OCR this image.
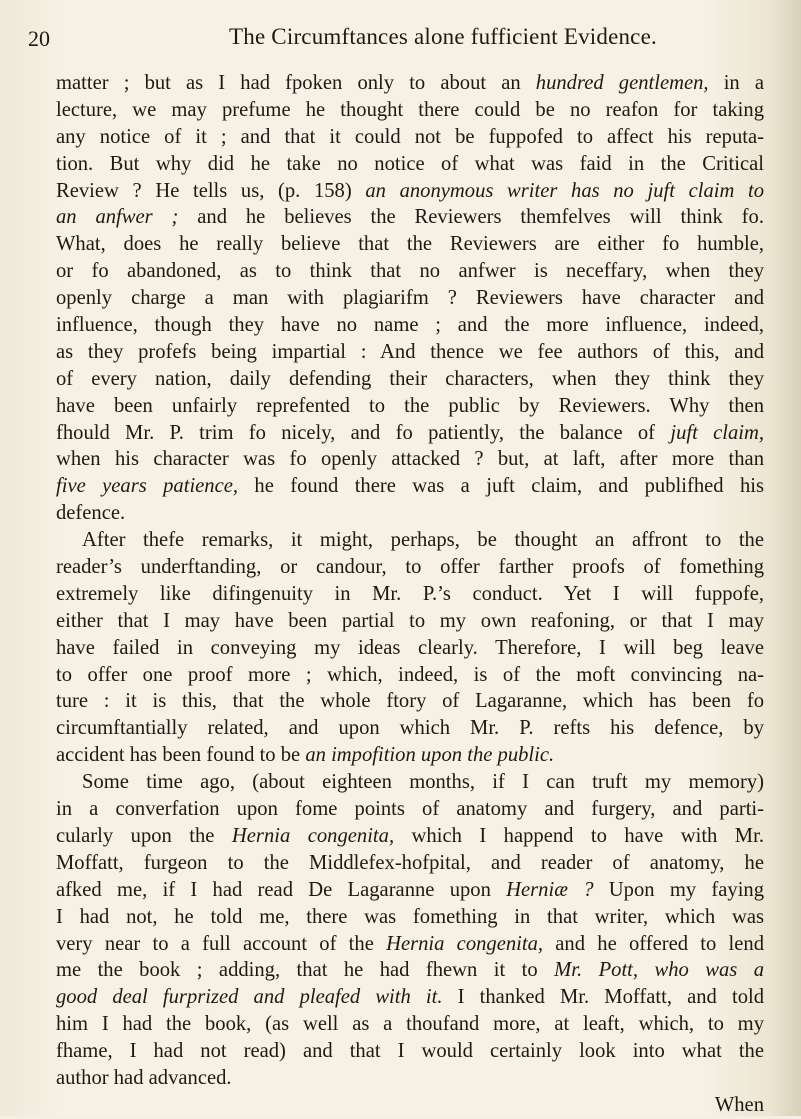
20	The Circumftances alone fufficient Evidence.
matter ; but as I had fpoken only to about an hundred gentlemen, in a
lecture, we may prefume he thought there could be no reafon for taking
any notice of it ; and that it could not be fuppofed to affect his reputa-
tion. But why did he take no notice of what was faid in the Critical
Review ? He tells us, (p. 158) an anonymous writer has no juft claim to
an anfwer ; and he believes the Reviewers themfelves will think fo.
What, does he really believe that the Reviewers are either fo humble,
or fo abandoned, as to think that no anfwer is neceffary, when they
openly charge a man with plagiarifm ? Reviewers have character and
influence, though they have no name ; and the more influence, indeed,
as they profefs being impartial : And thence we fee authors of this, and
of every nation, daily defending their characters, when they think they
have been unfairly reprefented to the public by Reviewers. Why then
fhould Mr. P. trim fo nicely, and fo patiently, the balance of juft claim,
when his character was fo openly attacked ? but, at laft, after more than
five years patience, he found there was a juft claim, and publifhed his
defence.
After thefe remarks, it might, perhaps, be thought an affront to the
reader’s underftanding, or candour, to offer farther proofs of fomething
extremely like difingenuity in Mr. P.’s conduct. Yet I will fuppofe,
either that I may have been partial to my own reafoning, or that I may
have failed in conveying my ideas clearly. Therefore, I will beg leave
to offer one proof more ; which, indeed, is of the moft convincing na-
ture : it is this, that the whole ftory of Lagaranne, which has been fo
circumftantially related, and upon which Mr. P. refts his defence, by
accident has been found to be an impofition upon the public.
Some time ago, (about eighteen months, if I can truft my memory)
in a converfation upon fome points of anatomy and furgery, and parti-
cularly upon the Hernia congenita, which I happend to have with Mr.
Moffatt, furgeon to the Middlefex-hofpital, and reader of anatomy, he
afked me, if I had read De Lagaranne upon Herniæ ? Upon my faying
I had not, he told me, there was fomething in that writer, which was
very near to a full account of the Hernia congenita, and he offered to lend
me the book ; adding, that he had fhewn it to Mr. Pott, who was a
good deal furprized and pleafed with it. I thanked Mr. Moffatt, and told
him I had the book, (as well as a thoufand more, at leaft, which, to my
fhame, I had not read) and that I would certainly look into what the
author had advanced.
When
